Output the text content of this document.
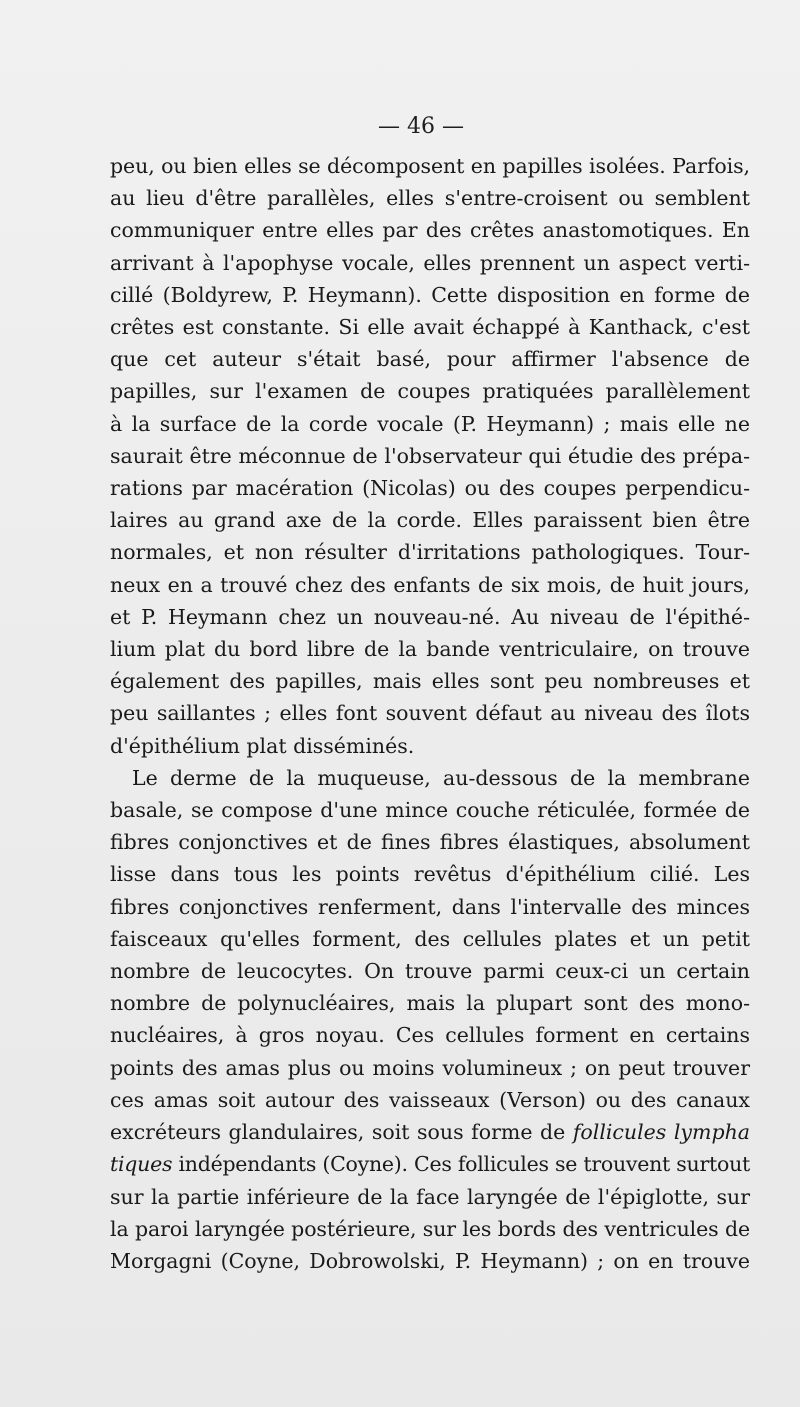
— 46 —
peu, ou bien elles se décomposent en papilles isolées. Parfois,
au lieu d'être parallèles, elles s'entre-croisent ou semblent
communiquer entre elles par des crêtes anastomotiques. En
arrivant à l'apophyse vocale, elles prennent un aspect verti-
cillé (Boldyrew, P. Heymann). Cette disposition en forme de
crêtes est constante. Si elle avait échappé à Kanthack, c'est
que cet auteur s'était basé, pour affirmer l'absence de
papilles, sur l'examen de coupes pratiquées parallèlement
à la surface de la corde vocale (P. Heymann) ; mais elle ne
saurait être méconnue de l'observateur qui étudie des prépa-
rations par macération (Nicolas) ou des coupes perpendicu-
laires au grand axe de la corde. Elles paraissent bien être
normales, et non résulter d'irritations pathologiques. Tour-
neux en a trouvé chez des enfants de six mois, de huit jours,
et P. Heymann chez un nouveau-né. Au niveau de l'épithé-
lium plat du bord libre de la bande ventriculaire, on trouve
également des papilles, mais elles sont peu nombreuses et
peu saillantes ; elles font souvent défaut au niveau des îlots
d'épithélium plat disséminés.
Le derme de la muqueuse, au-dessous de la membrane
basale, se compose d'une mince couche réticulée, formée de
fibres conjonctives et de fines fibres élastiques, absolument
lisse dans tous les points revêtus d'épithélium cilié. Les
fibres conjonctives renferment, dans l'intervalle des minces
faisceaux qu'elles forment, des cellules plates et un petit
nombre de leucocytes. On trouve parmi ceux-ci un certain
nombre de polynucléaires, mais la plupart sont des mono-
nucléaires, à gros noyau. Ces cellules forment en certains
points des amas plus ou moins volumineux ; on peut trouver
ces amas soit autour des vaisseaux (Verson) ou des canaux
excréteurs glandulaires, soit sous forme de follicules lympha
tiques indépendants (Coyne). Ces follicules se trouvent surtout
sur la partie inférieure de la face laryngée de l'épiglotte, sur
la paroi laryngée postérieure, sur les bords des ventricules de
Morgagni (Coyne, Dobrowolski, P. Heymann) ; on en trouve
